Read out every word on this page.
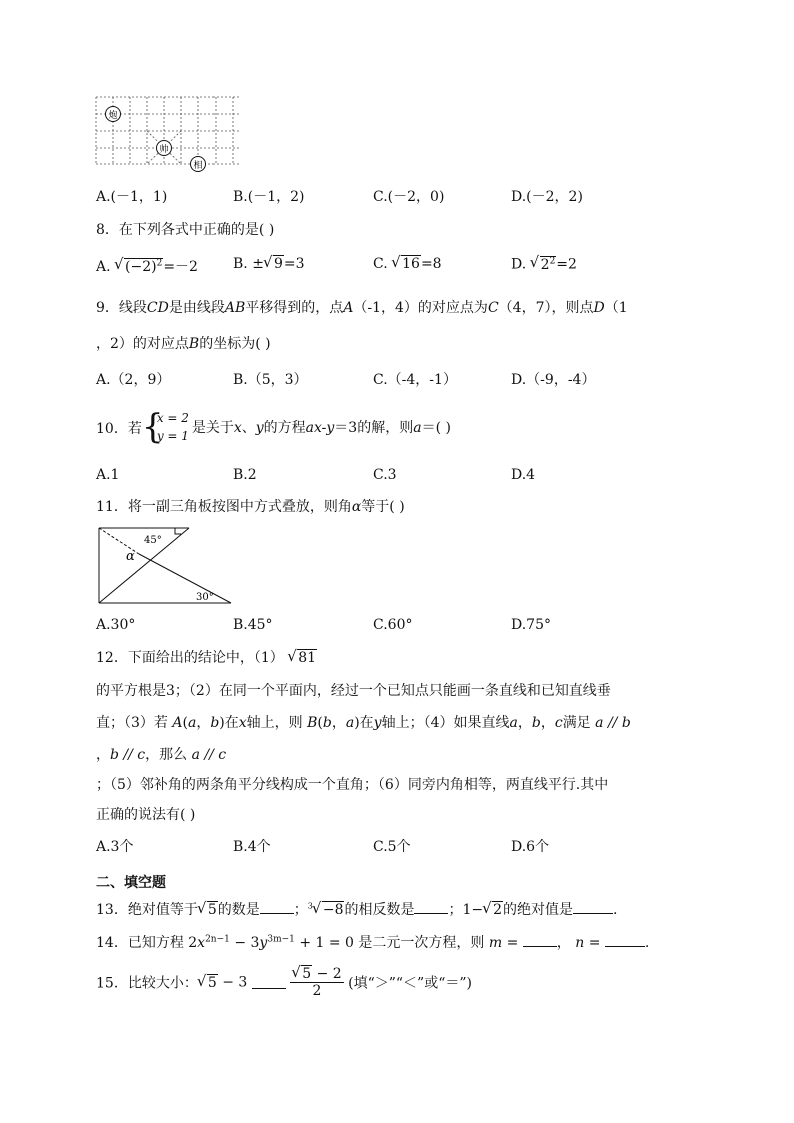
炮
帅
相
A.(－1，1)	B.(－1，2)	C.(－2，0)	D.(－2，2)
8．在下列各式中正确的是( )
A. √ $(-2)^2=-2$	B. ± √ 9=3	C. √ 16=8	D. √ $2^2=2$
9．线段CD是由线段AB平移得到的，点A（-1，4）的对应点为C（4，7），则点D（1
，2）的对应点B的坐标为( )
A.（2，9）	B.（5，3）	C.（-4，-1）	D.（-9，-4）
10．若 {
x = 2
y = 1 是关于x、y的方程ax-y＝3的解，则a＝( )
A.1	B.2	C.3	D.4
11．将一副三角板按图中方式叠放，则角α等于( )
45°
α
30°
A.30°	B.45°	C.60°	D.75°
12．下面给出的结论中，（1） √ 81
的平方根是3；（2）在同一个平面内，经过一个已知点只能画一条直线和已知直线垂
直；（3）若 A(a，b)在x轴上，则 B(b，a)在y轴上；（4）如果直线a，b，c满足 a // b
，b // c，那么 a // c
；（5）邻补角的两条角平分线构成一个直角；（6）同旁内角相等，两直线平行.其中
正确的说法有( )
A.3个	B.4个	C.5个	D.6个
二、填空题
13．绝对值等于 √ 5的数是 ；$^3$ √ −8的相反数是 ；1− √ 2的绝对值是	.
14．已知方程 $2x^{2n-1} - 3y^{3m-1} + 1 = 0$ 是二元一次方程，则 m = ， n =	.
15．比较大小： √ 5 − 3	√ $\frac{5 - 2}{2}$ (填“＞”“＜”或“＝”)
